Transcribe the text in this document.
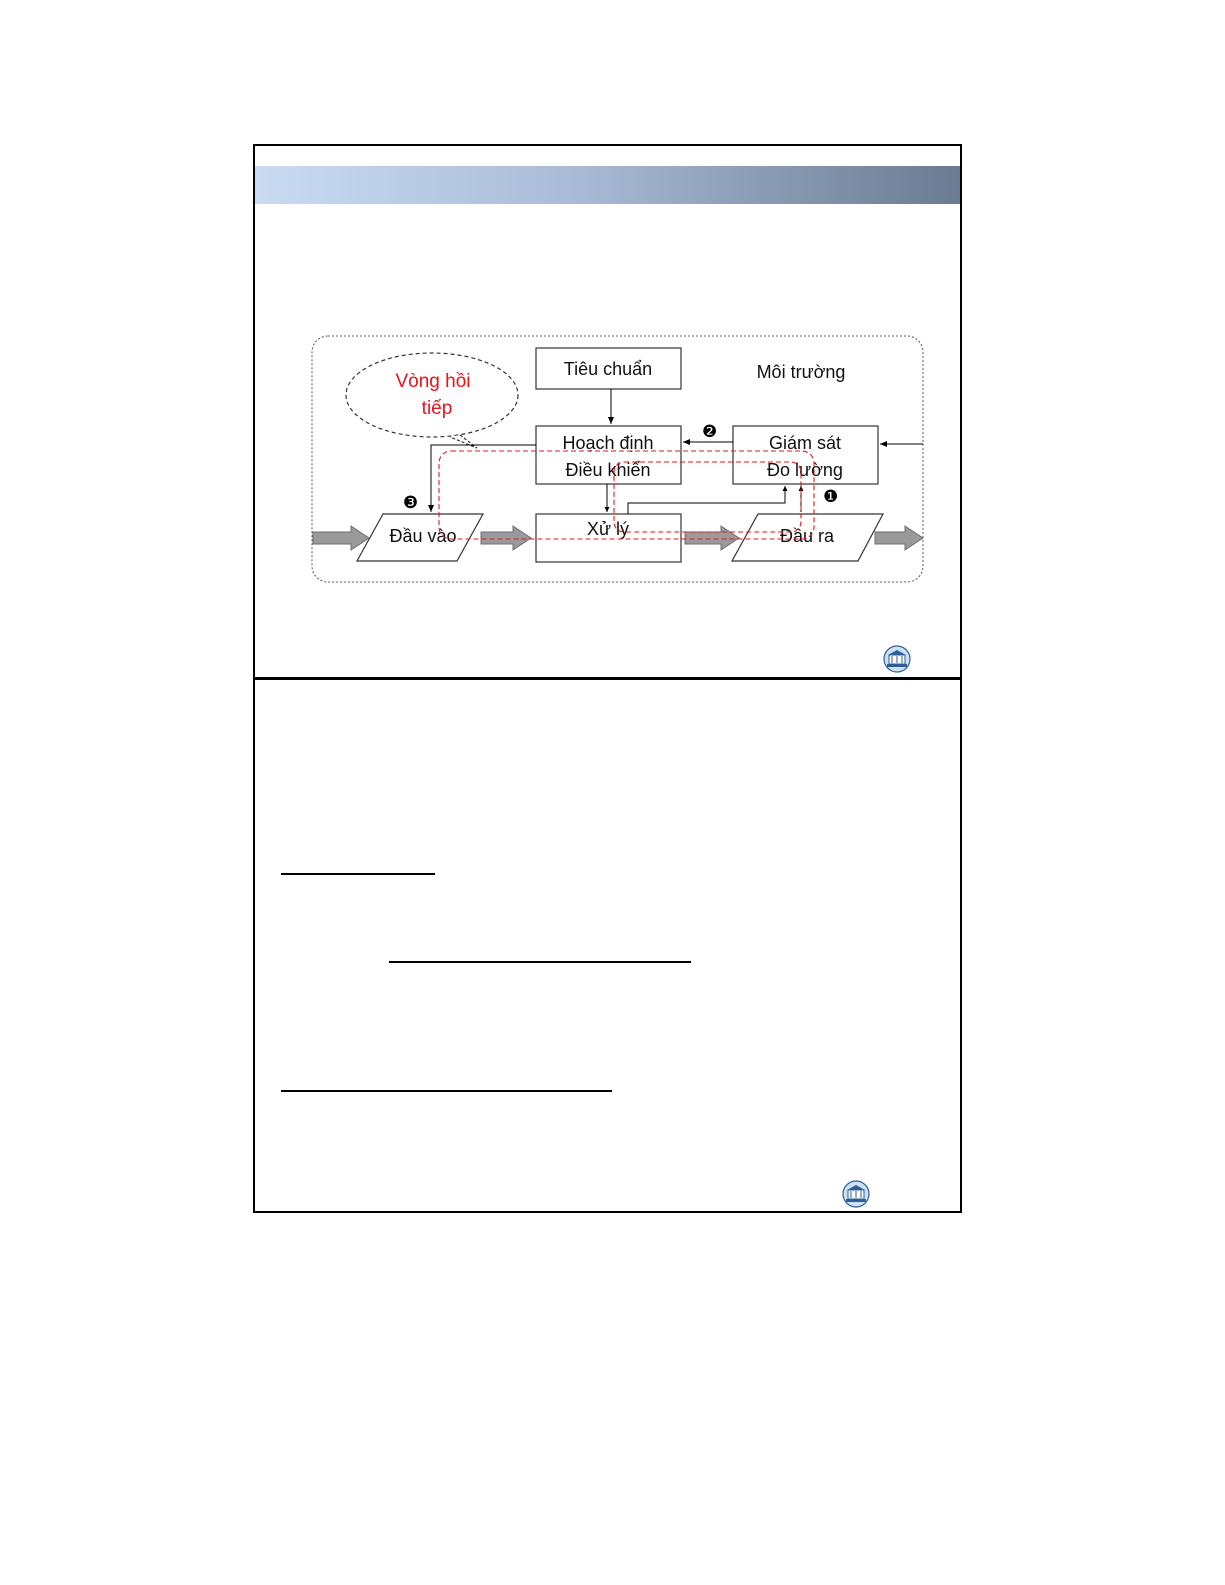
Vòng hồi
tiếp
Tiêu chuẩn	Môi trường
Hoạch định
Điều khiển
Giám sát
Đo lường
Xử lý
Đầu vào	Đầu ra
❶
❷
❸
